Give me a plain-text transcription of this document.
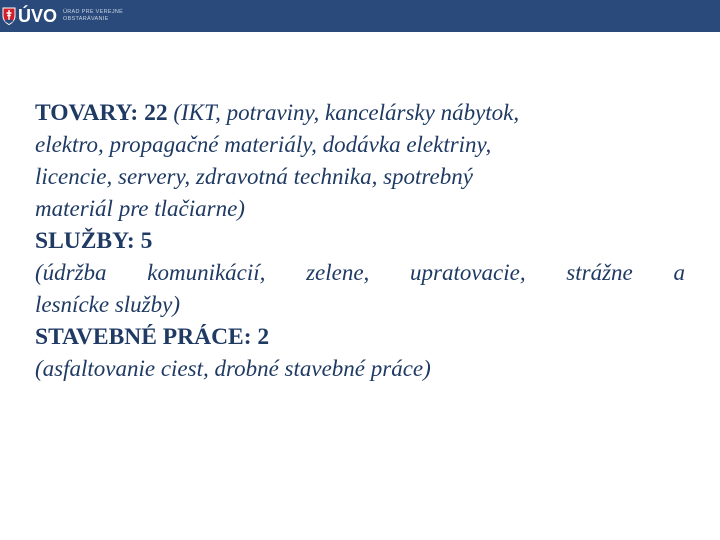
ÚVO ÚRAD PRE VEREJNÉ
OBSTARÁVANIE
TOVARY: 22 (IKT, potraviny, kancelársky nábytok,
elektro, propagačné materiály, dodávka elektriny,
licencie, servery, zdravotná technika, spotrebný
materiál pre tlačiarne)
SLUŽBY: 5
(údržba komunikácií, zelene, upratovacie, strážne a
lesnícke služby)
STAVEBNÉ PRÁCE: 2
(asfaltovanie ciest, drobné stavebné práce)
